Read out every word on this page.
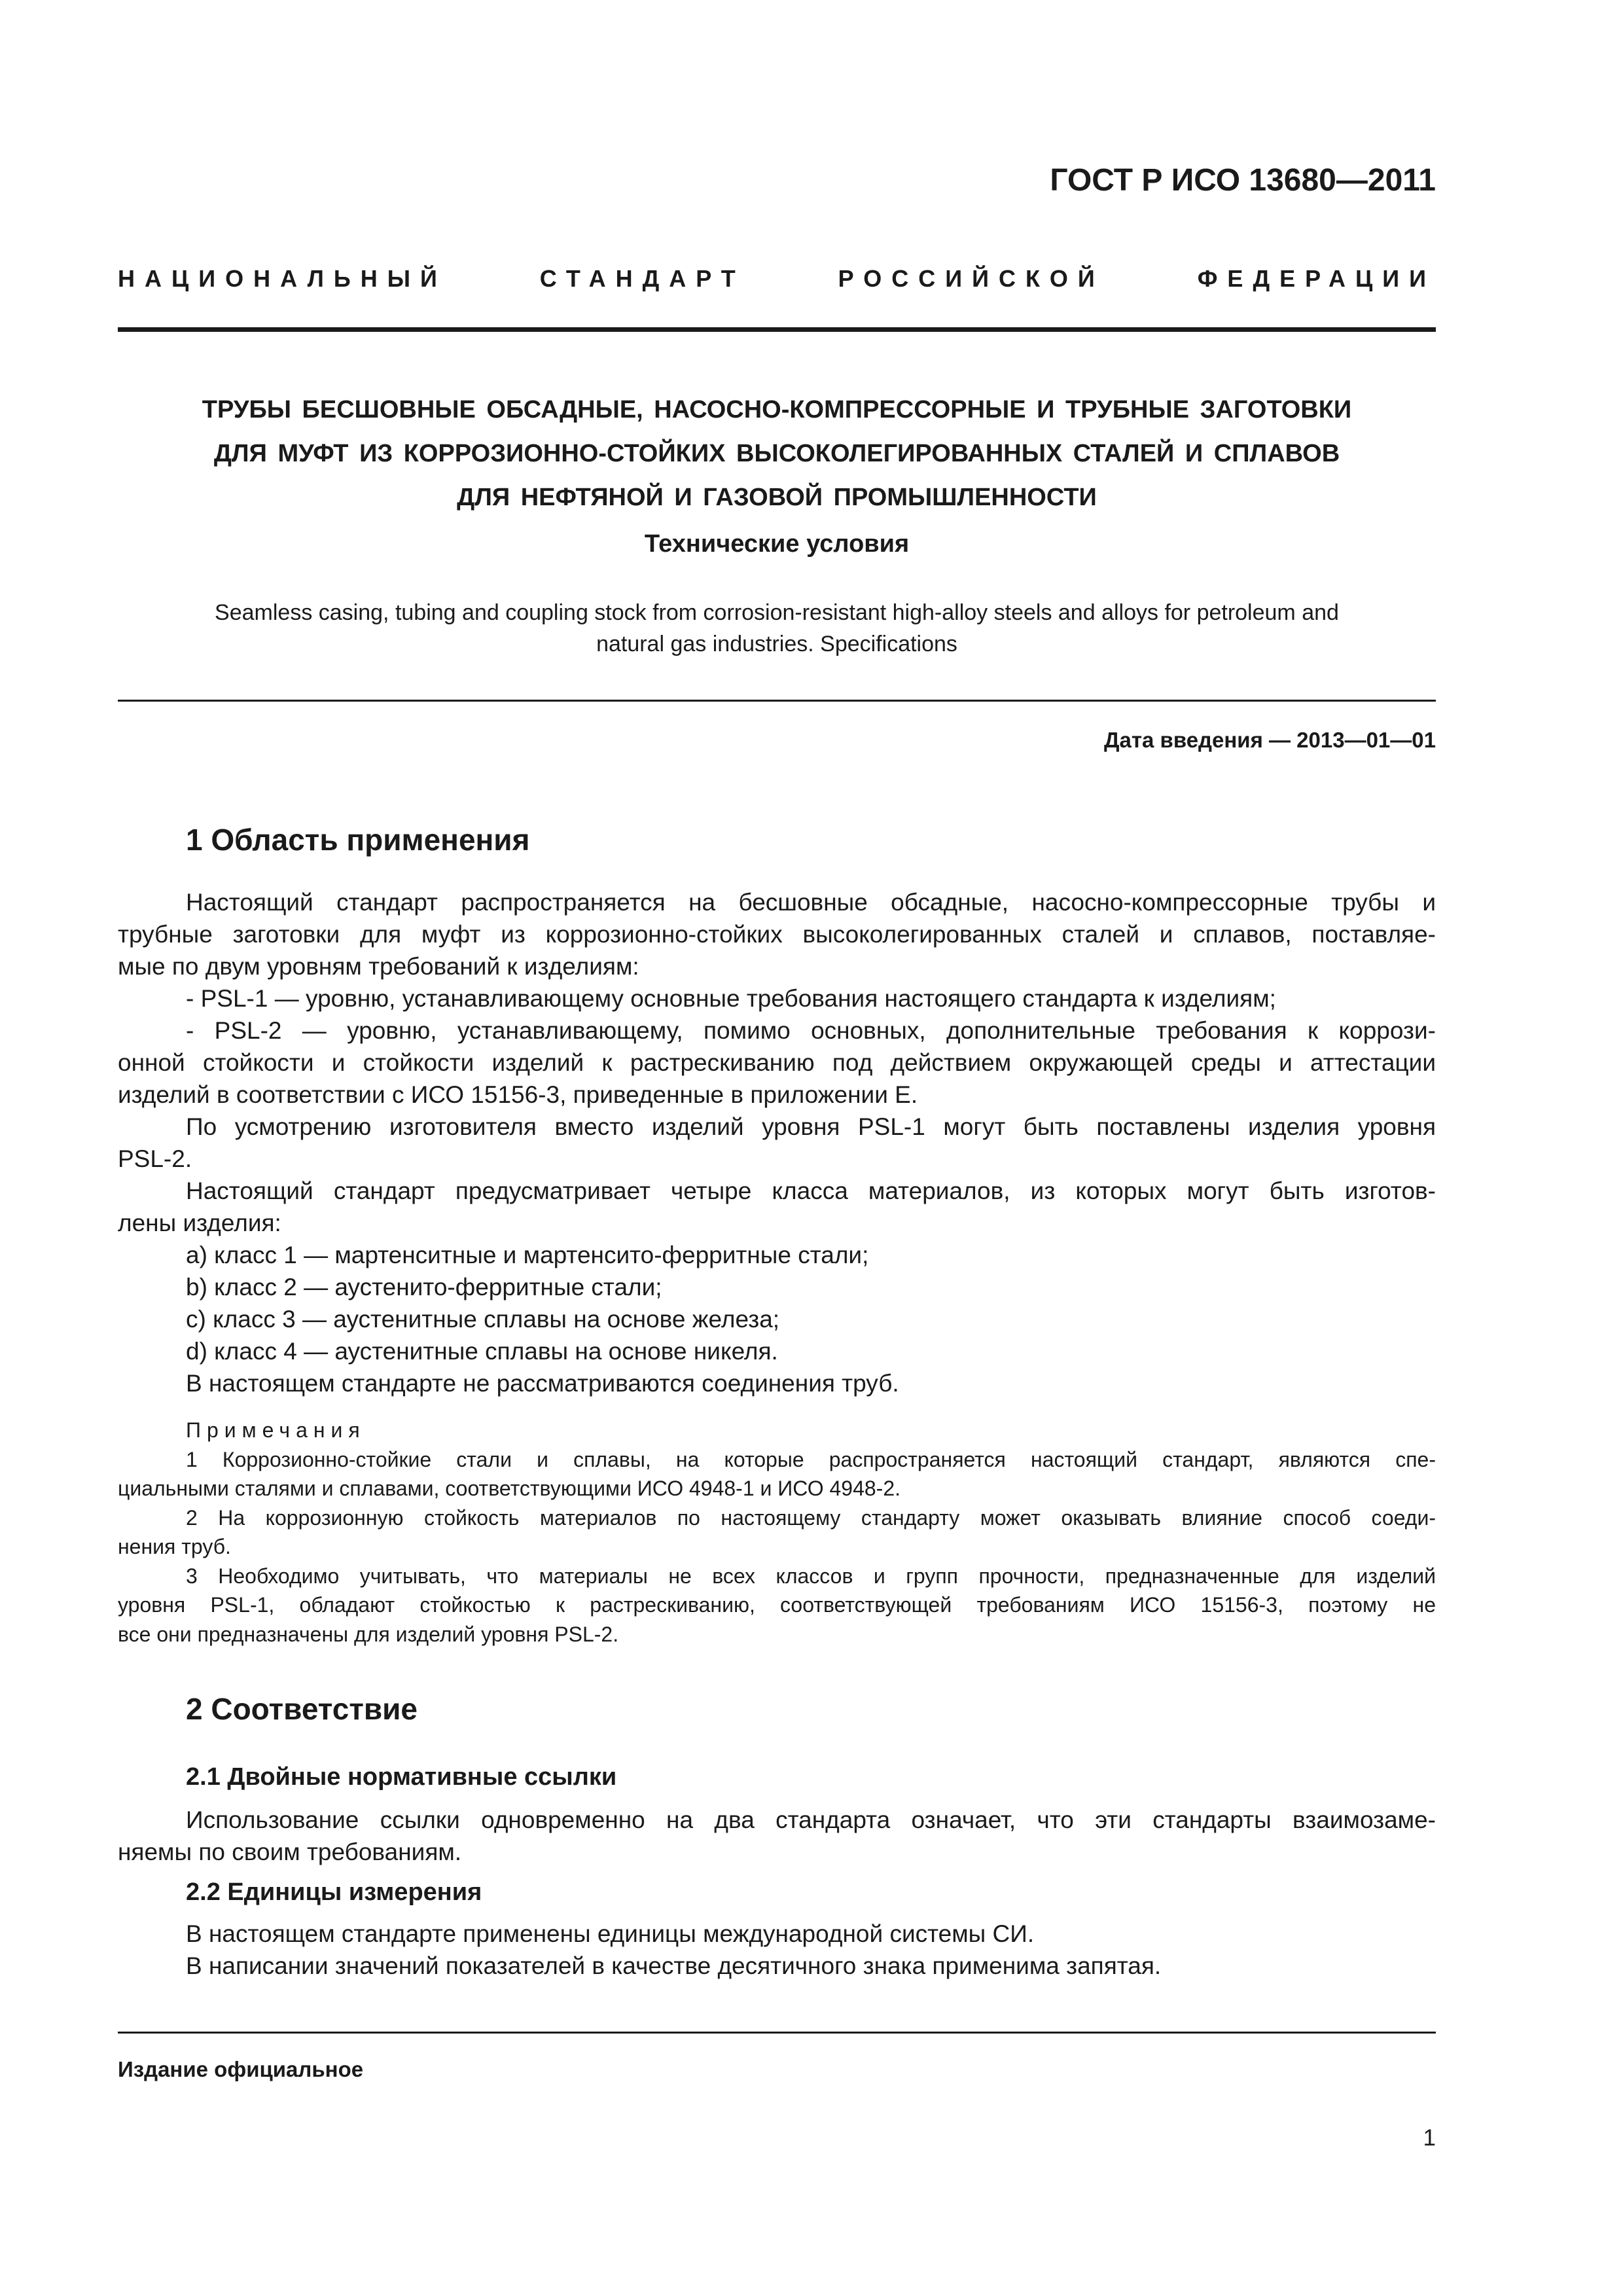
ГОСТ Р ИСО 13680—2011
НАЦИОНАЛЬНЫЙ СТАНДАРТ РОССИЙСКОЙ ФЕДЕРАЦИИ
ТРУБЫ БЕСШОВНЫЕ ОБСАДНЫЕ, НАСОСНО-КОМПРЕССОРНЫЕ И ТРУБНЫЕ ЗАГОТОВКИ
ДЛЯ МУФТ ИЗ КОРРОЗИОННО-СТОЙКИХ ВЫСОКОЛЕГИРОВАННЫХ СТАЛЕЙ И СПЛАВОВ
ДЛЯ НЕФТЯНОЙ И ГАЗОВОЙ ПРОМЫШЛЕННОСТИ
Технические условия
Seamless casing, tubing and coupling stock from corrosion-resistant high-alloy steels and alloys for petroleum and
natural gas industries. Specifications
Дата введения — 2013—01—01
1 Область применения

Настоящий стандарт распространяется на бесшовные обсадные, насосно-компрессорные трубы и

трубные заготовки для муфт из коррозионно-стойких высоколегированных сталей и сплавов, поставляе-

мые по двум уровням требований к изделиям:

- PSL-1 — уровню, устанавливающему основные требования настоящего стандарта к изделиям;

- PSL-2 — уровню, устанавливающему, помимо основных, дополнительные требования к коррози-

онной стойкости и стойкости изделий к растрескиванию под действием окружающей среды и аттестации

изделий в соответствии с ИСО 15156-3, приведенные в приложении Е.

По усмотрению изготовителя вместо изделий уровня PSL-1 могут быть поставлены изделия уровня

PSL-2.

Настоящий стандарт предусматривает четыре класса материалов, из которых могут быть изготов-

лены изделия:

a) класс 1 — мартенситные и мартенсито-ферритные стали;

b) класс 2 — аустенито-ферритные стали;

c) класс 3 — аустенитные сплавы на основе железа;

d) класс 4 — аустенитные сплавы на основе никеля.

В настоящем стандарте не рассматриваются соединения труб.

Примечания

1 Коррозионно-стойкие стали и сплавы, на которые распространяется настоящий стандарт, являются спе-

циальными сталями и сплавами, соответствующими ИСО 4948-1 и ИСО 4948-2.

2 На коррозионную стойкость материалов по настоящему стандарту может оказывать влияние способ соеди-

нения труб.

3 Необходимо учитывать, что материалы не всех классов и групп прочности, предназначенные для изделий

уровня PSL-1, обладают стойкостью к растрескиванию, соответствующей требованиям ИСО 15156-3, поэтому не

все они предназначены для изделий уровня PSL-2.

2 Соответствие
2.1 Двойные нормативные ссылки

Использование ссылки одновременно на два стандарта означает, что эти стандарты взаимозаме-

няемы по своим требованиям.

2.2 Единицы измерения

В настоящем стандарте применены единицы международной системы СИ.

В написании значений показателей в качестве десятичного знака применима запятая.

Издание официальное
1
